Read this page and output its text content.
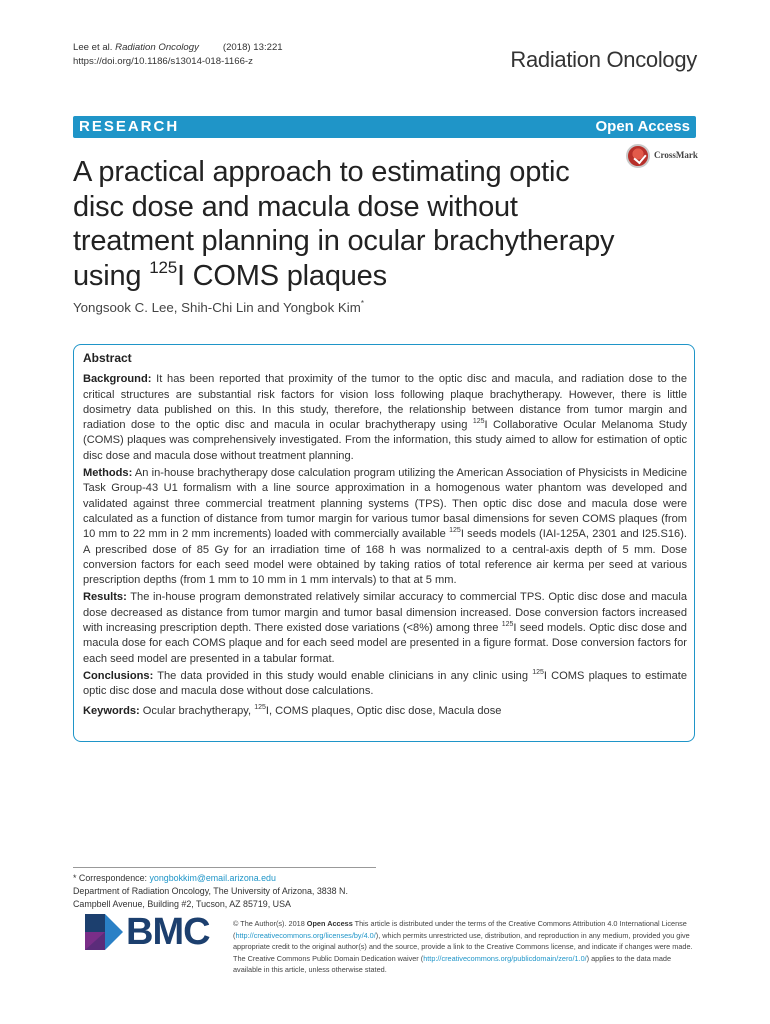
Lee et al. Radiation Oncology	(2018) 13:221
https://doi.org/10.1186/s13014-018-1166-z	Radiation Oncology
RESEARCH	Open Access
CrossMark
A practical approach to estimating optic
disc dose and macula dose without
treatment planning in ocular brachytherapy
using $^{125}$I COMS plaques
Yongsook C. Lee, Shih-Chi Lin and Yongbok Kim*
Abstract

Background: It has been reported that proximity of the tumor to the optic disc and macula, and radiation dose to the critical structures are substantial risk factors for vision loss following plaque brachytherapy. However, there is little dosimetry data published on this. In this study, therefore, the relationship between distance from tumor margin and radiation dose to the optic disc and macula in ocular brachytherapy using $^{125}$I Collaborative Ocular Melanoma Study (COMS) plaques was comprehensively investigated. From the information, this study aimed to allow for estimation of optic disc dose and macula dose without treatment planning.

Methods: An in-house brachytherapy dose calculation program utilizing the American Association of Physicists in Medicine Task Group-43 U1 formalism with a line source approximation in a homogenous water phantom was developed and validated against three commercial treatment planning systems (TPS). Then optic disc dose and macula dose were calculated as a function of distance from tumor margin for various tumor basal dimensions for seven COMS plaques (from 10 mm to 22 mm in 2 mm increments) loaded with commercially available $^{125}$I seeds models (IAI-125A, 2301 and I25.S16). A prescribed dose of 85 Gy for an irradiation time of 168 h was normalized to a central-axis depth of 5 mm. Dose conversion factors for each seed model were obtained by taking ratios of total reference air kerma per seed at various prescription depths (from 1 mm to 10 mm in 1 mm intervals) to that at 5 mm.

Results: The in-house program demonstrated relatively similar accuracy to commercial TPS. Optic disc dose and macula dose decreased as distance from tumor margin and tumor basal dimension increased. Dose conversion factors increased with increasing prescription depth. There existed dose variations (<8%) among three $^{125}$I seed models. Optic disc dose and macula dose for each COMS plaque and for each seed model are presented in a figure format. Dose conversion factors for each seed model are presented in a tabular format.

Conclusions: The data provided in this study would enable clinicians in any clinic using $^{125}$I COMS plaques to estimate optic disc dose and macula dose without dose calculations.

Keywords: Ocular brachytherapy, $^{125}$I, COMS plaques, Optic disc dose, Macula dose

* Correspondence: yongbokkim@email.arizona.edu
Department of Radiation Oncology, The University of Arizona, 3838 N.
Campbell Avenue, Building #2, Tucson, AZ 85719, USA
BMC	© The Author(s). 2018 Open Access This article is distributed under the terms of the Creative Commons Attribution 4.0 International License (http://creativecommons.org/licenses/by/4.0/), which permits unrestricted use, distribution, and reproduction in any medium, provided you give appropriate credit to the original author(s) and the source, provide a link to the Creative Commons license, and indicate if changes were made. The Creative Commons Public Domain Dedication waiver (http://creativecommons.org/publicdomain/zero/1.0/) applies to the data made available in this article, unless otherwise stated.
